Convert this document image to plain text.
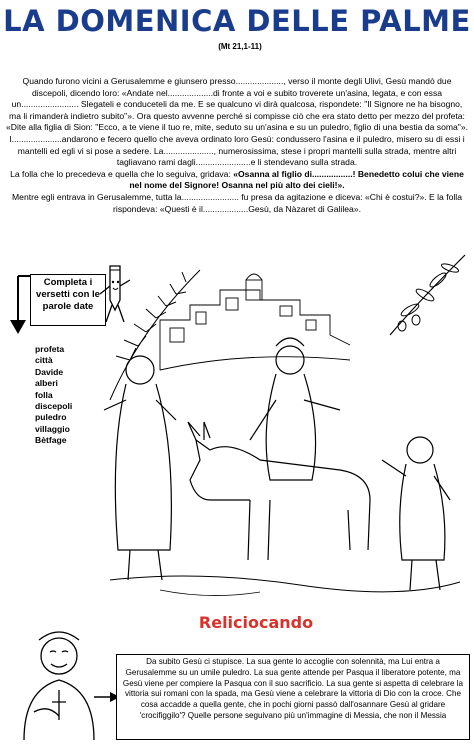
LA DOMENICA DELLE PALME
(Mt 21,1-11)

Quando furono vicini a Gerusalemme e giunsero presso...................., verso il monte degli Ulivi, Gesù mandò due discepoli, dicendo loro: «Andate nel...................di fronte a voi e subito troverete un'asina, legata, e con essa un........................ Slegateli e conduceteli da me. E se qualcuno vi dirà qualcosa, rispondete: "Il Signore ne ha bisogno, ma li rimanderà indietro subito"». Ora questo avvenne perché si compisse ciò che era stato detto per mezzo del profeta: «Dite alla figlia di Sion: "Ecco, a te viene il tuo re, mite, seduto su un'asina e su un puledro, figlio di una bestia da soma"».

I.....................andarono e fecero quello che aveva ordinato loro Gesù: condussero l'asina e il puledro, misero su di essi i mantelli ed egli vi si pose a sedere. La....................., numerosissima, stese i propri mantelli sulla strada, mentre altri tagliavano rami dagli.......................e li stendevano sulla strada.

La folla che lo precedeva e quella che lo seguiva, gridava: «Osanna al figlio di.................! Benedetto colui che viene nel nome del Signore! Osanna nel più alto dei cieli!».

Mentre egli entrava in Gerusalemme, tutta la........................ fu presa da agitazione e diceva: «Chi è costui?». E la folla rispondeva: «Questi è il...................Gesù, da Nàzaret di Galilea».

Completa i versetti con le parole date
profeta
città
Davide
alberi
folla
discepoli
puledro
villaggio
Bètfage
Reliciocando
Da subito Gesù ci stupisce. La sua gente lo accoglie con solennità, ma Lui entra a Gerusalemme su un umile puledro. La sua gente attende per Pasqua il liberatore potente, ma Gesù viene per compiere la Pasqua con il suo sacrificio. La sua gente si aspetta di celebrare la vittoria sui romani con la spada, ma Gesù viene a celebrare la vittoria di Dio con la croce. Che cosa accadde a quella gente, che in pochi giorni passò dall'osannare Gesù al gridare 'crocifiggilo'? Quelle persone seguivano più un'immagine di Messia, che non il Messia
